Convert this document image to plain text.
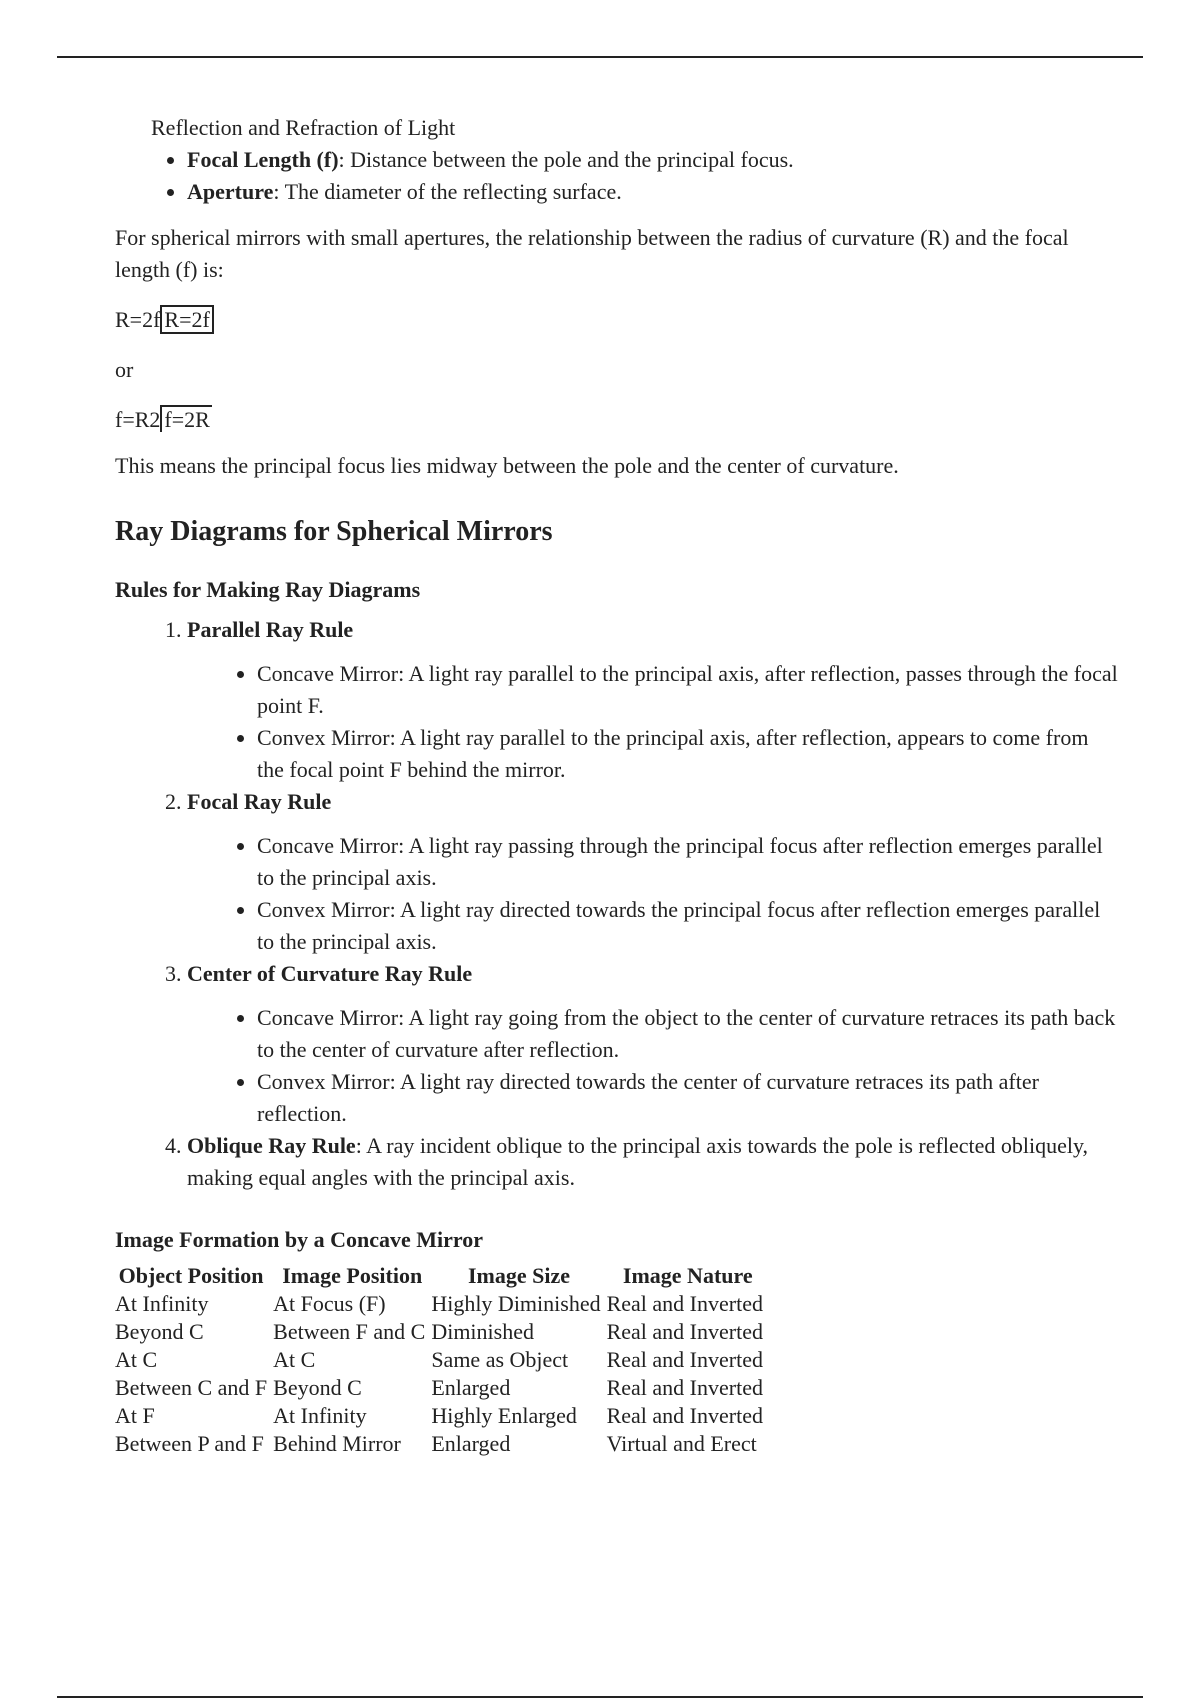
Reflection and Refraction of Light
• Focal Length (f): Distance between the pole and the principal focus.
• Aperture: The diameter of the reflecting surface.

For spherical mirrors with small apertures, the relationship between the radius of curvature (R) and the focal length (f) is:

R=2f R=2f

or

f=R2 f=2R

This means the principal focus lies midway between the pole and the center of curvature.

Ray Diagrams for Spherical Mirrors
Rules for Making Ray Diagrams
1. Parallel Ray Rule
• Concave Mirror: A light ray parallel to the principal axis, after reflection, passes through the focal point F.
• Convex Mirror: A light ray parallel to the principal axis, after reflection, appears to come from the focal point F behind the mirror.
2. Focal Ray Rule
• Concave Mirror: A light ray passing through the principal focus after reflection emerges parallel to the principal axis.
• Convex Mirror: A light ray directed towards the principal focus after reflection emerges parallel to the principal axis.
3. Center of Curvature Ray Rule
• Concave Mirror: A light ray going from the object to the center of curvature retraces its path back to the center of curvature after reflection.
• Convex Mirror: A light ray directed towards the center of curvature retraces its path after reflection.
4. Oblique Ray Rule: A ray incident oblique to the principal axis towards the pole is reflected obliquely, making equal angles with the principal axis.
Image Formation by a Concave Mirror
Object Position	Image Position	Image Size	Image Nature
At Infinity	At Focus (F)	Highly Diminished	Real and Inverted
Beyond C	Between F and C	Diminished	Real and Inverted
At C	At C	Same as Object	Real and Inverted
Between C and F	Beyond C	Enlarged	Real and Inverted
At F	At Infinity	Highly Enlarged	Real and Inverted
Between P and F	Behind Mirror	Enlarged	Virtual and Erect
